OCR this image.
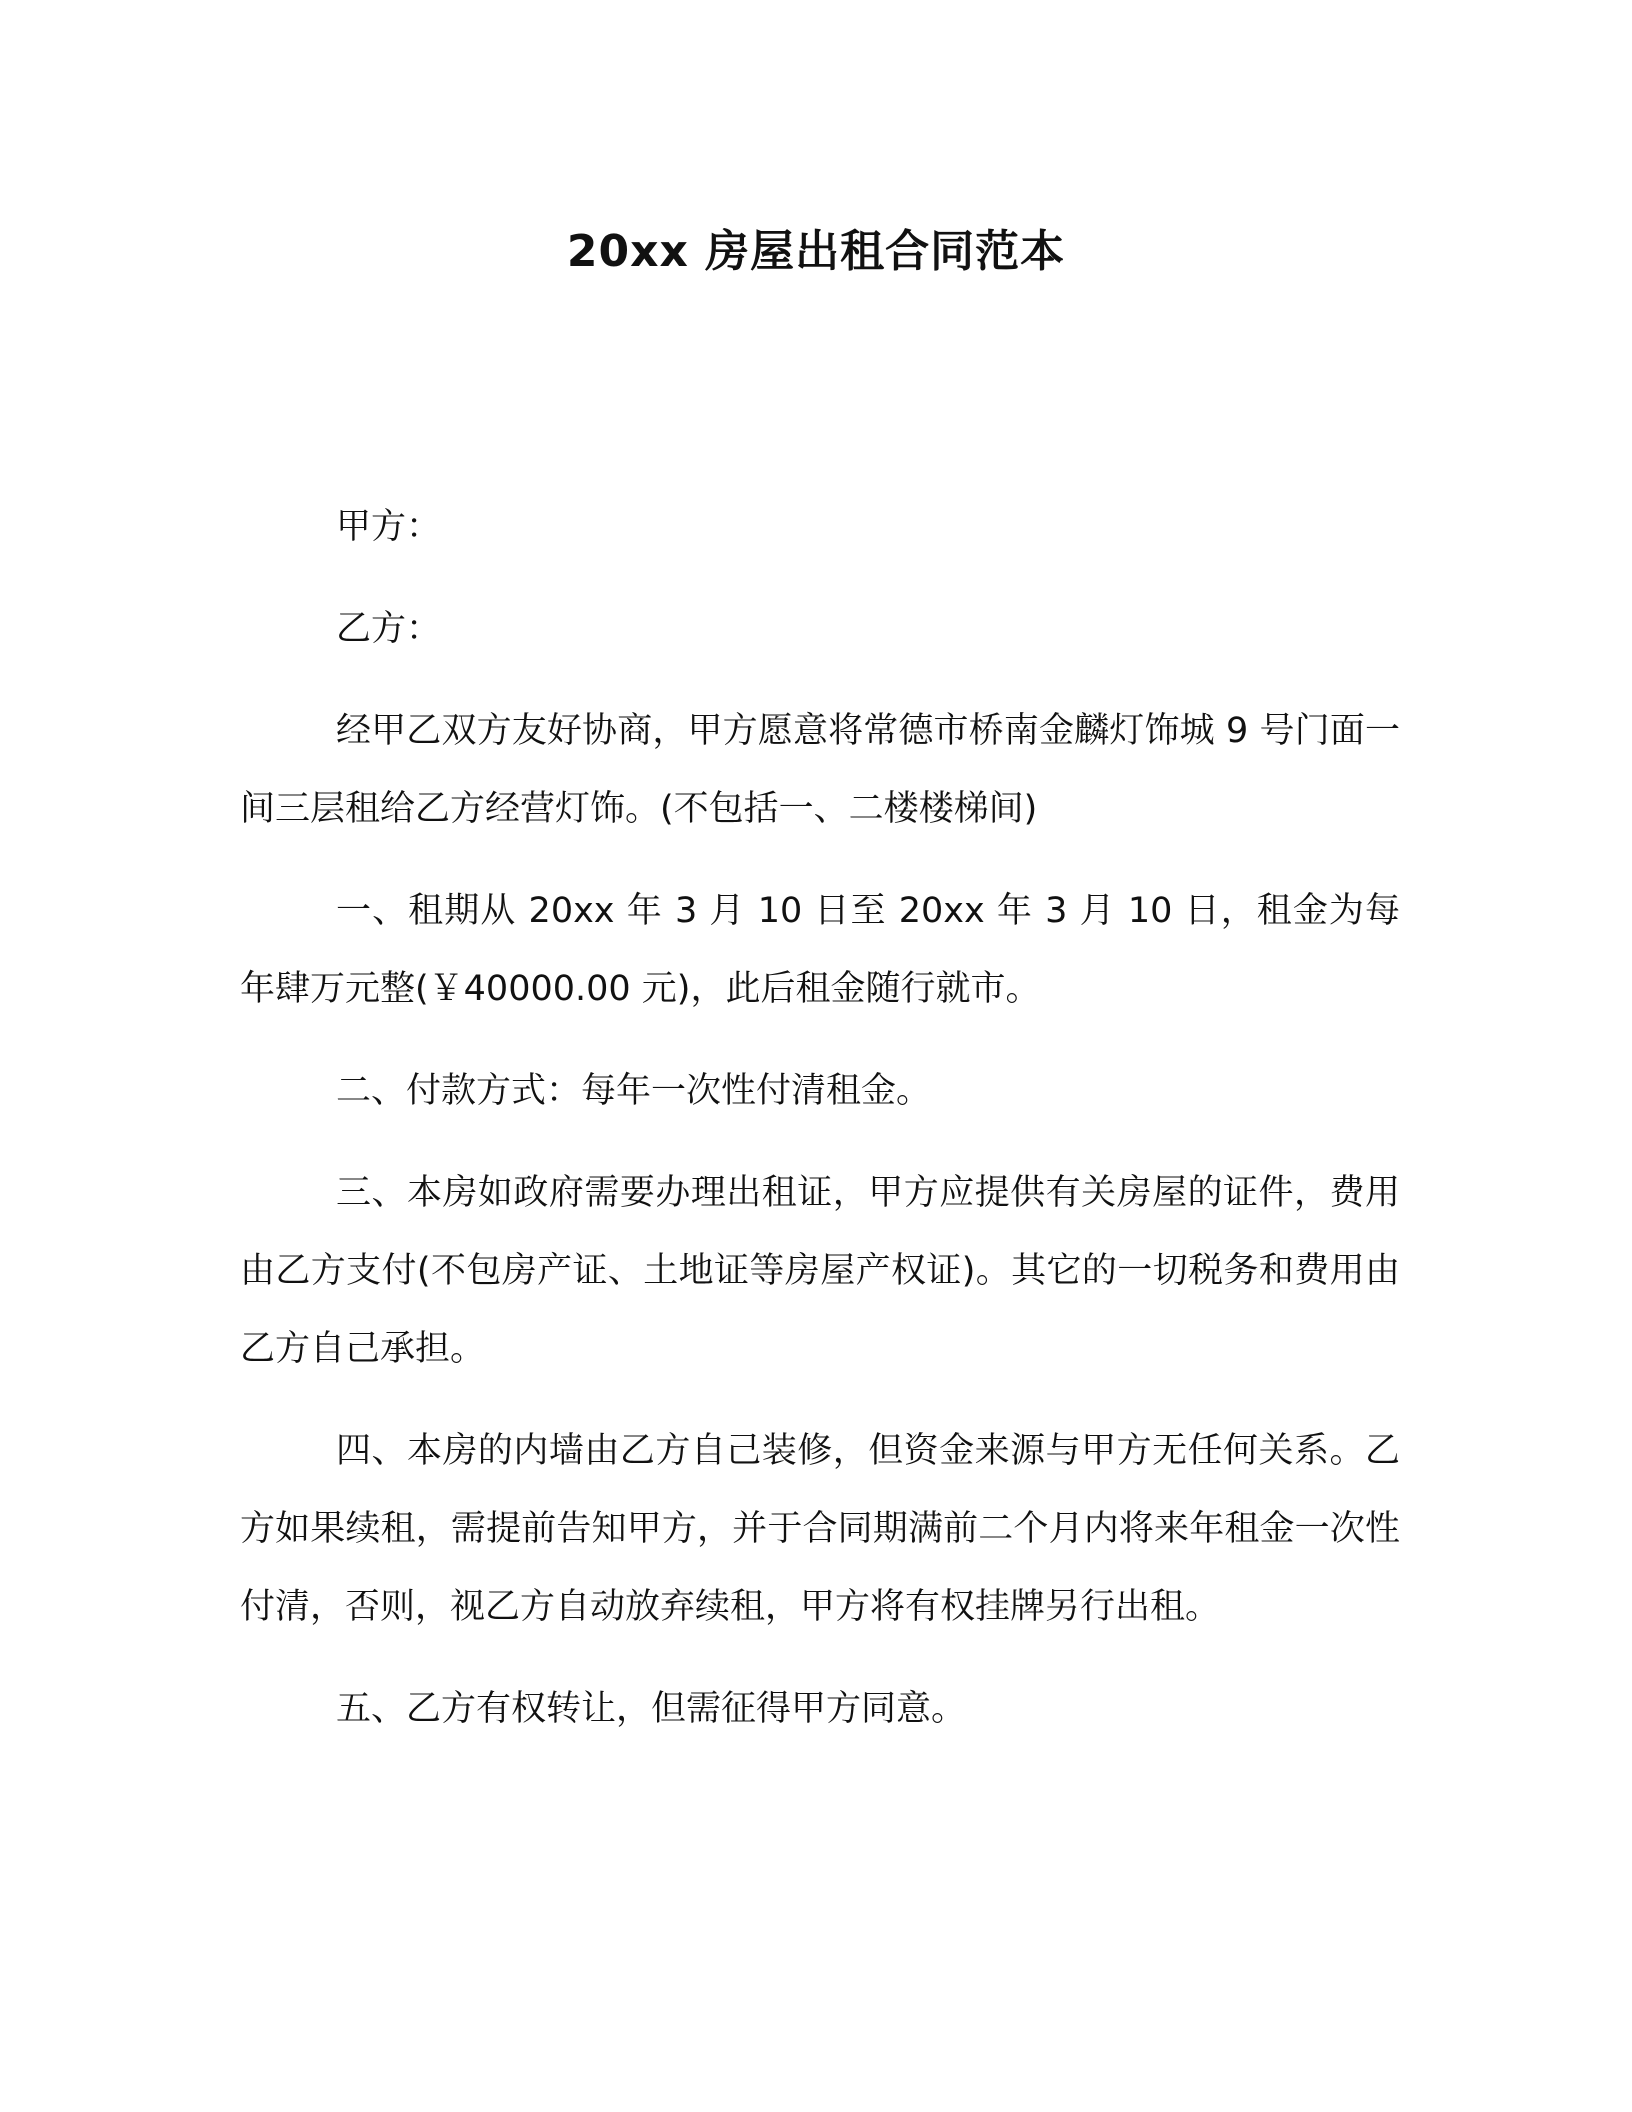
20xx 房屋出租合同范本

甲方：

乙方：

经甲乙双方友好协商，甲方愿意将常德市桥南金麟灯饰城 9 号门面一间三层租给乙方经营灯饰。(不包括一、二楼楼梯间)

一、租期从 20xx 年 3 月 10 日至 20xx 年 3 月 10 日，租金为每年肆万元整(￥40000.00 元)，此后租金随行就市。

二、付款方式：每年一次性付清租金。

三、本房如政府需要办理出租证，甲方应提供有关房屋的证件，费用由乙方支付(不包房产证、土地证等房屋产权证)。其它的一切税务和费用由乙方自己承担。

四、本房的内墙由乙方自己装修，但资金来源与甲方无任何关系。乙方如果续租，需提前告知甲方，并于合同期满前二个月内将来年租金一次性付清，否则，视乙方自动放弃续租，甲方将有权挂牌另行出租。

五、乙方有权转让，但需征得甲方同意。
